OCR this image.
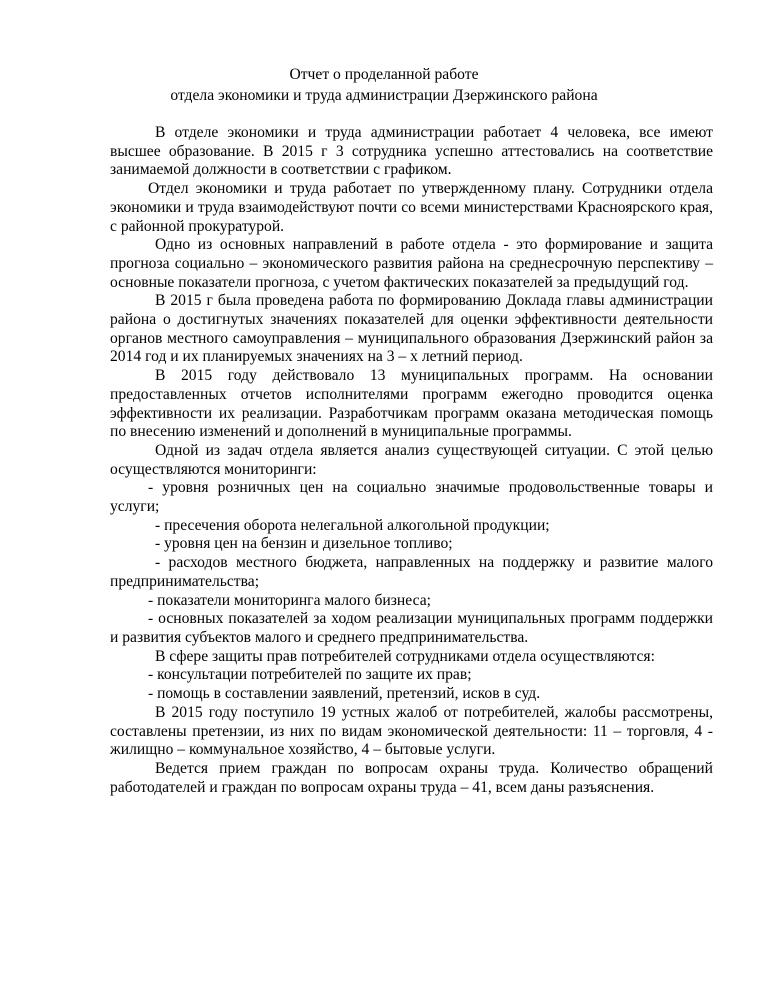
Отчет о проделанной работе
отдела экономики и труда администрации Дзержинского района

В отделе экономики и труда администрации работает 4 человека, все имеют высшее образование. В 2015 г 3 сотрудника успешно аттестовались на соответствие занимаемой должности в соответствии с графиком.

Отдел экономики и труда работает по утвержденному плану. Сотрудники отдела экономики и труда взаимодействуют почти со всеми министерствами Красноярского края, с районной прокуратурой.

Одно из основных направлений в работе отдела - это формирование и защита прогноза социально – экономического развития района на среднесрочную перспективу – основные показатели прогноза, с учетом фактических показателей за предыдущий год.

В 2015 г была проведена работа по формированию Доклада главы администрации района о достигнутых значениях показателей для оценки эффективности деятельности органов местного самоуправления – муниципального образования Дзержинский район за 2014 год и их планируемых значениях на 3 – х летний период.

В 2015 году действовало 13 муниципальных программ. На основании предоставленных отчетов исполнителями программ ежегодно проводится оценка эффективности их реализации. Разработчикам программ оказана методическая помощь по внесению изменений и дополнений в муниципальные программы.

Одной из задач отдела является анализ существующей ситуации. С этой целью осуществляются мониторинги:

- уровня розничных цен на социально значимые продовольственные товары и услуги;

- пресечения оборота нелегальной алкогольной продукции;

- уровня цен на бензин и дизельное топливо;

- расходов местного бюджета, направленных на поддержку и развитие малого предпринимательства;

- показатели мониторинга малого бизнеса;

- основных показателей за ходом реализации муниципальных программ поддержки и развития субъектов малого и среднего предпринимательства.

В сфере защиты прав потребителей сотрудниками отдела осуществляются:

- консультации потребителей по защите их прав;

- помощь в составлении заявлений, претензий, исков в суд.

В 2015 году поступило 19 устных жалоб от потребителей, жалобы рассмотрены, составлены претензии, из них по видам экономической деятельности: 11 – торговля, 4 - жилищно – коммунальное хозяйство, 4 – бытовые услуги.

Ведется прием граждан по вопросам охраны труда. Количество обращений работодателей и граждан по вопросам охраны труда – 41, всем даны разъяснения.
